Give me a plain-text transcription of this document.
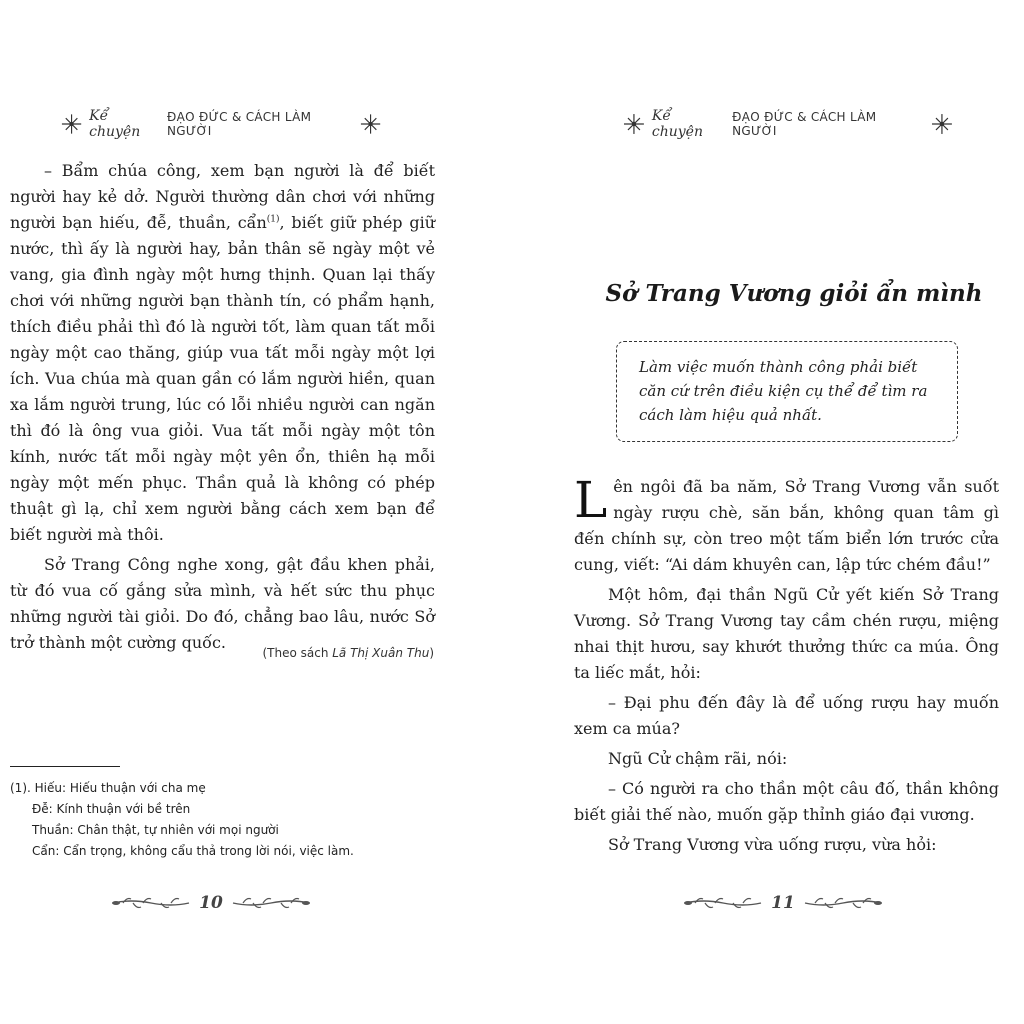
Kể chuyện
ĐẠO ĐỨC & CÁCH LÀM NGƯỜI

– Bẩm chúa công, xem bạn người là để biết người hay kẻ dở. Người thường dân chơi với những người bạn hiếu, đễ, thuần, cẩn$^{(1)}$, biết giữ phép giữ nước, thì ấy là người hay, bản thân sẽ ngày một vẻ vang, gia đình ngày một hưng thịnh. Quan lại thấy chơi với những người bạn thành tín, có phẩm hạnh, thích điều phải thì đó là người tốt, làm quan tất mỗi ngày một cao thăng, giúp vua tất mỗi ngày một lợi ích. Vua chúa mà quan gần có lắm người hiền, quan xa lắm người trung, lúc có lỗi nhiều người can ngăn thì đó là ông vua giỏi. Vua tất mỗi ngày một tôn kính, nước tất mỗi ngày một yên ổn, thiên hạ mỗi ngày một mến phục. Thần quả là không có phép thuật gì lạ, chỉ xem người bằng cách xem bạn để biết người mà thôi.

Sở Trang Công nghe xong, gật đầu khen phải, từ đó vua cố gắng sửa mình, và hết sức thu phục những người tài giỏi. Do đó, chẳng bao lâu, nước Sở trở thành một cường quốc.

(Theo sách Lã Thị Xuân Thu)
(1). Hiếu: Hiếu thuận với cha mẹ
Đễ: Kính thuận với bề trên
Thuần: Chân thật, tự nhiên với mọi người
Cẩn: Cẩn trọng, không cẩu thả trong lời nói, việc làm.
10
Kể chuyện
ĐẠO ĐỨC & CÁCH LÀM NGƯỜI
Sở Trang Vương giỏi ẩn mình
Làm việc muốn thành công phải biết căn cứ trên điều kiện cụ thể để tìm ra cách làm hiệu quả nhất.

Lên ngôi đã ba năm, Sở Trang Vương vẫn suốt ngày rượu chè, săn bắn, không quan tâm gì đến chính sự, còn treo một tấm biển lớn trước cửa cung, viết: “Ai dám khuyên can, lập tức chém đầu!”

Một hôm, đại thần Ngũ Cử yết kiến Sở Trang Vương. Sở Trang Vương tay cầm chén rượu, miệng nhai thịt hươu, say khướt thưởng thức ca múa. Ông ta liếc mắt, hỏi:

– Đại phu đến đây là để uống rượu hay muốn xem ca múa?

Ngũ Cử chậm rãi, nói:

– Có người ra cho thần một câu đố, thần không biết giải thế nào, muốn gặp thỉnh giáo đại vương.

Sở Trang Vương vừa uống rượu, vừa hỏi:

11
